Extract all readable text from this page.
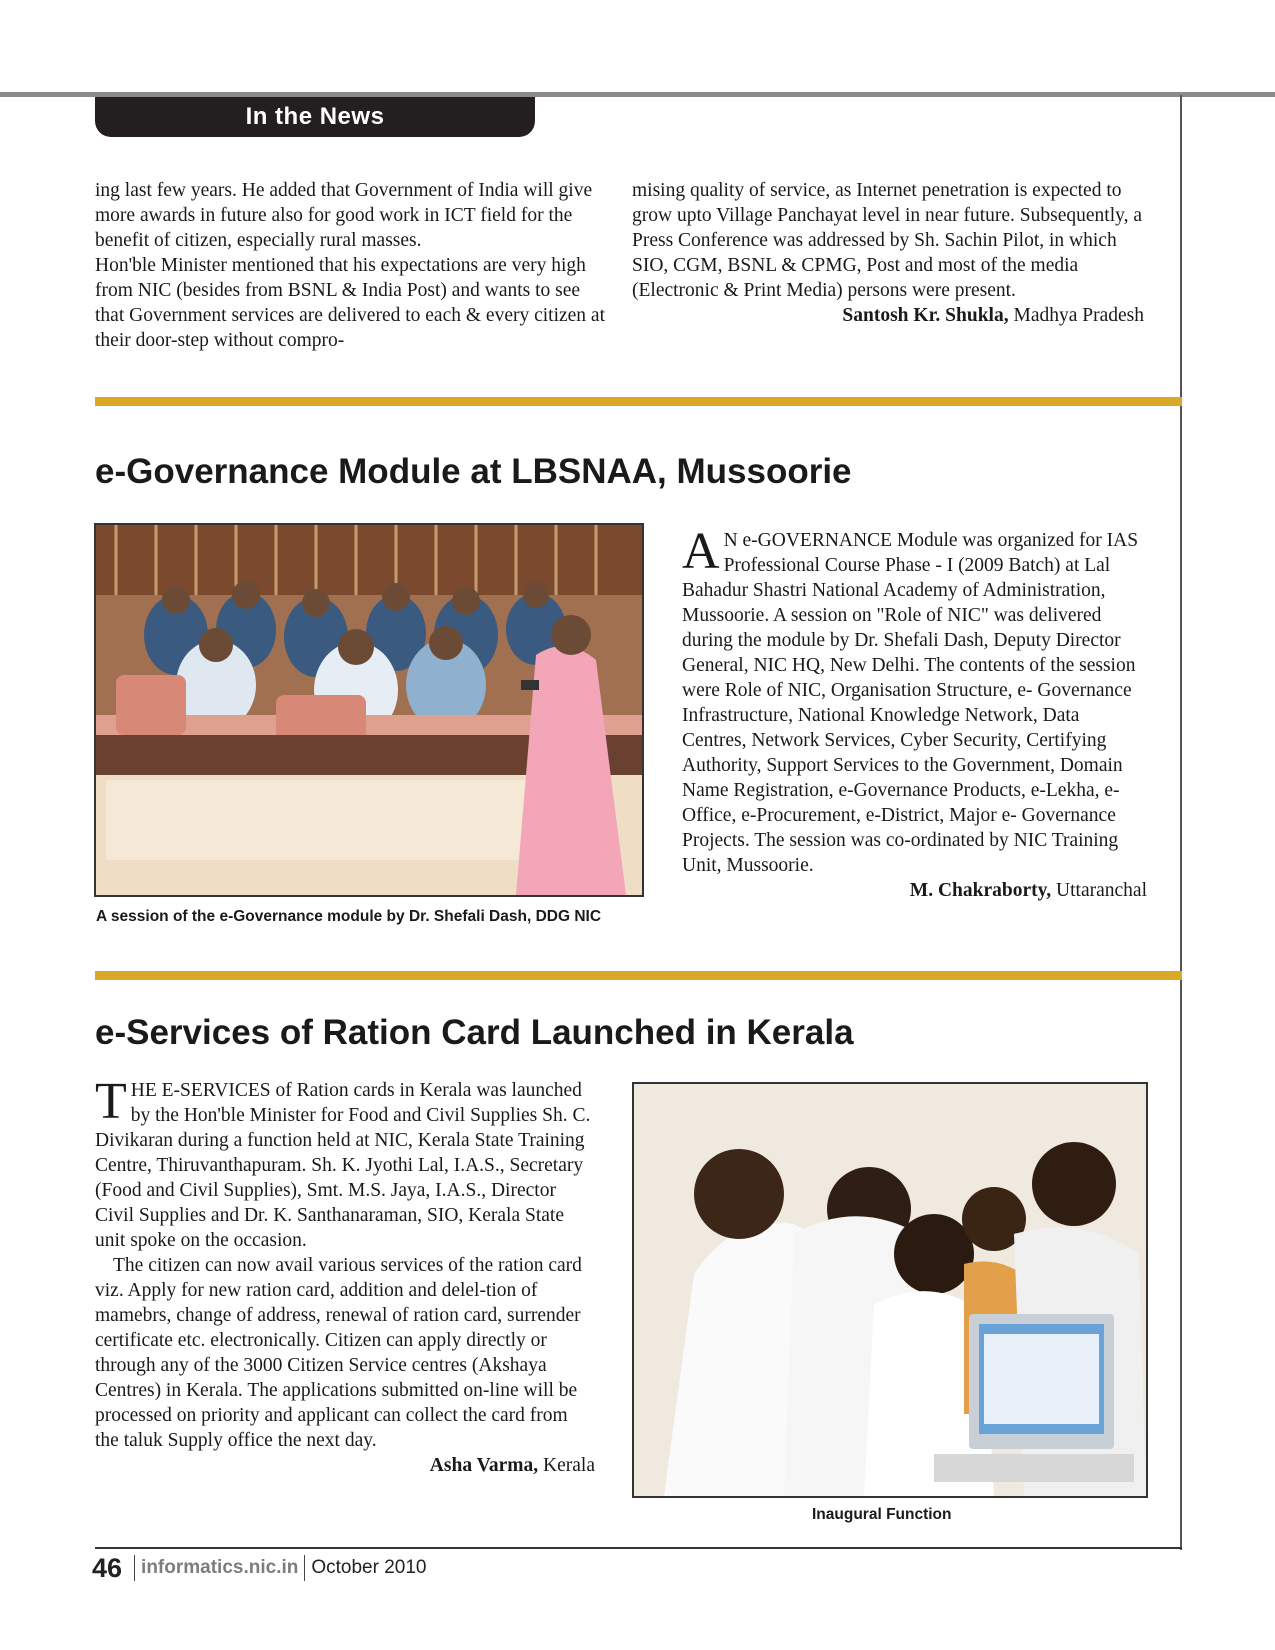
In the News

ing last few years. He added that Government of India will give more awards in future also for good work in ICT field for the benefit of citizen, especially rural masses.
Hon'ble Minister mentioned that his expectations are very high from NIC (besides from BSNL & India Post) and wants to see that Government services are delivered to each & every citizen at their door-step without compro-

mising quality of service, as Internet penetration is expected to grow upto Village Panchayat level in near future. Subsequently, a Press Conference was addressed by Sh. Sachin Pilot, in which SIO, CGM, BSNL & CPMG, Post and most of the media (Electronic & Print Media) persons were present.

Santosh Kr. Shukla, Madhya Pradesh

e-Governance Module at LBSNAA, Mussoorie
A session of the e-Governance module by Dr. Shefali Dash, DDG NIC

A N e-GOVERNANCE Module was organized for IAS Professional Course Phase - I (2009 Batch) at Lal Bahadur Shastri National Academy of Administration, Mussoorie. A session on "Role of NIC" was delivered during the module by Dr. Shefali Dash, Deputy Director General, NIC HQ, New Delhi. The contents of the session were Role of NIC, Organisation Structure, e- Governance Infrastructure, National Knowledge Network, Data Centres, Network Services, Cyber Security, Certifying Authority, Support Services to the Government, Domain Name Registration, e-Governance Products, e-Lekha, e-Office, e-Procurement, e-District, Major e- Governance Projects. The session was co-ordinated by NIC Training Unit, Mussoorie.

M. Chakraborty, Uttaranchal

e-Services of Ration Card Launched in Kerala

THE E-SERVICES of Ration cards in Kerala was launched by the Hon'ble Minister for Food and Civil Supplies Sh. C. Divikaran during a function held at NIC, Kerala State Training Centre, Thiruvanthapuram. Sh. K. Jyothi Lal, I.A.S., Secretary (Food and Civil Supplies), Smt. M.S. Jaya, I.A.S., Director Civil Supplies and Dr. K. Santhanaraman, SIO, Kerala State unit spoke on the occasion.

The citizen can now avail various services of the ration card viz. Apply for new ration card, addition and delel-tion of mamebrs, change of address, renewal of ration card, surrender certificate etc. electronically. Citizen can apply directly or through any of the 3000 Citizen Service centres (Akshaya Centres) in Kerala. The applications submitted on-line will be processed on priority and applicant can collect the card from the taluk Supply office the next day.

Asha Varma, Kerala

Inaugural Function
46	informatics.nic.in October 2010
